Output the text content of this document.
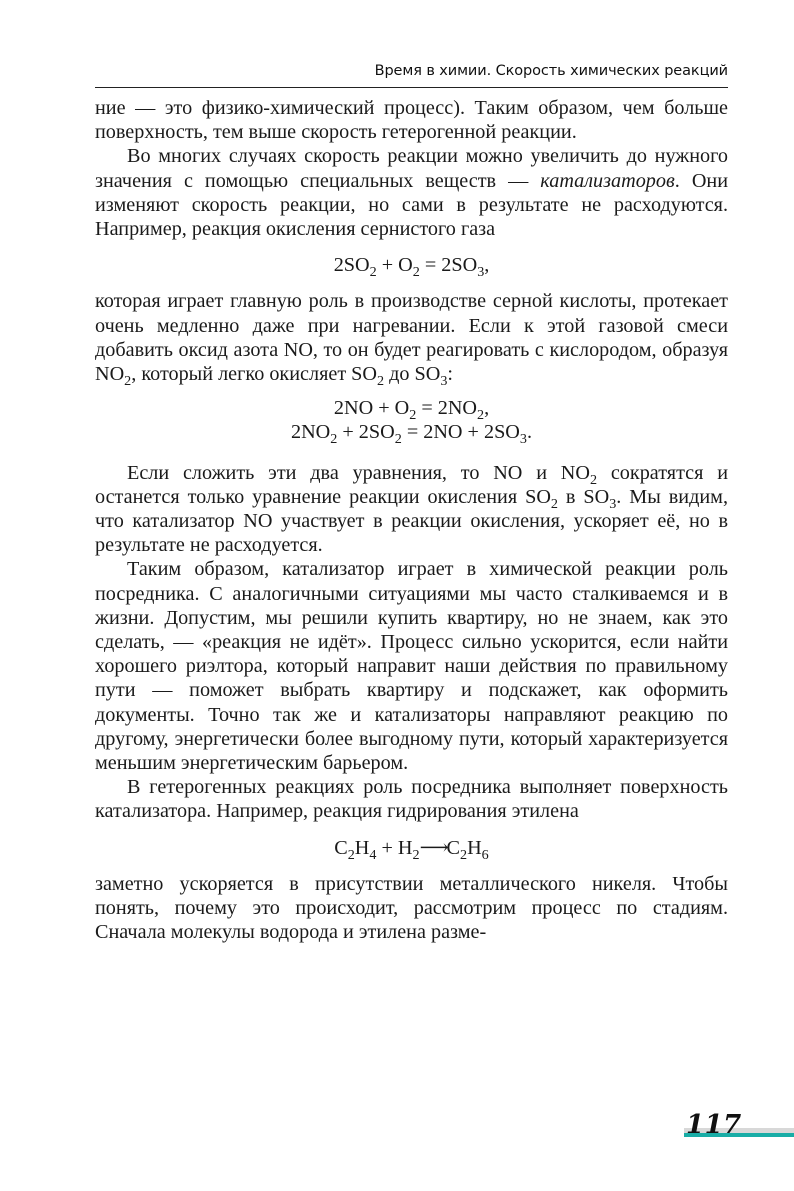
Время в химии. Скорость химических реакций

ние — это физико-химический процесс). Таким образом, чем больше поверхность, тем выше скорость гетерогенной реакции.

Во многих случаях скорость реакции можно увеличить до нужного значения с помощью специальных веществ — катализаторов. Они изменяют скорость реакции, но сами в результате не расходуются. Например, реакция окисления сернистого газа

$2SO_2 + O_2 = 2SO_3$,

которая играет главную роль в производстве серной кислоты, протекает очень медленно даже при нагревании. Если к этой газовой смеси добавить оксид азота NO, то он будет реагировать с кислородом, образуя $NO_2$, который легко окисляет $SO_2$ до $SO_3$:

$2NO + O_2 = 2NO_2$,

$2NO_2 + 2SO_2 = 2NO + 2SO_3$.

Если сложить эти два уравнения, то NO и $NO_2$ сократятся и останется только уравнение реакции окисления $SO_2$ в $SO_3$. Мы видим, что катализатор NO участвует в реакции окисления, ускоряет её, но в результате не расходуется.

Таким образом, катализатор играет в химической реакции роль посредника. С аналогичными ситуациями мы часто сталкиваемся и в жизни. Допустим, мы решили купить квартиру, но не знаем, как это сделать, — «реакция не идёт». Процесс сильно ускорится, если найти хорошего риэлтора, который направит наши действия по правильному пути — поможет выбрать квартиру и подскажет, как оформить документы. Точно так же и катализаторы направляют реакцию по другому, энергетически более выгодному пути, который характеризуется меньшим энергетическим барьером.

В гетерогенных реакциях роль посредника выполняет поверхность катализатора. Например, реакция гидрирования этилена

$C_2H_4$ + $H_2⟶C_2H_6$

заметно ускоряется в присутствии металлического никеля. Чтобы понять, почему это происходит, рассмотрим процесс по стадиям. Сначала молекулы водорода и этилена разме-

117
